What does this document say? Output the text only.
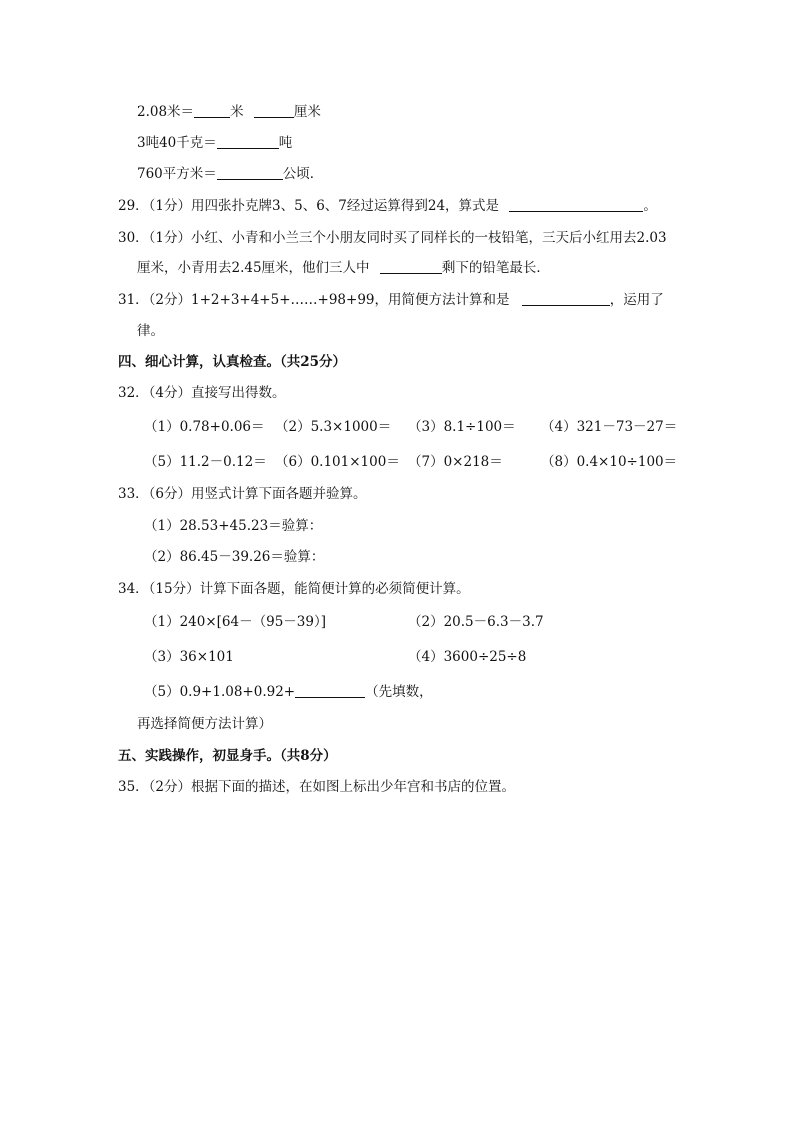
2.08米＝	米	厘米
3吨40千克＝	吨
760平方米＝	公顷．
29．（1分）用四张扑克牌3、5、6、7经过运算得到24，算式是	。
30．（1分）小红、小青和小兰三个小朋友同时买了同样长的一枝铅笔，三天后小红用去2.03
厘米，小青用去2.45厘米，他们三人中	剩下的铅笔最长．
31．（2分）1+2+3+4+5+……+98+99，用简便方法计算和是	，运用了
律。
四、细心计算，认真检查。（共25分）
32．（4分）直接写出得数。
（1）0.78+0.06＝ （2）5.3×1000＝ （3）8.1÷100＝ （4）321－73－27＝
（5）11.2－0.12＝ （6）0.101×100＝ （7）0×218＝	（8）0.4×10÷100＝
33．（6分）用竖式计算下面各题并验算。
（1）28.53+45.23＝验算：
（2）86.45－39.26＝验算：
34．（15分）计算下面各题，能简便计算的必须简便计算。
（1）240×[64－（95－39）]	（2）20.5－6.3－3.7
（3）36×101	（4）3600÷25÷8
（5）0.9+1.08+0.92+	（先填数，
再选择简便方法计算）
五、实践操作，初显身手。（共8分）
35．（2分）根据下面的描述，在如图上标出少年宫和书店的位置。
